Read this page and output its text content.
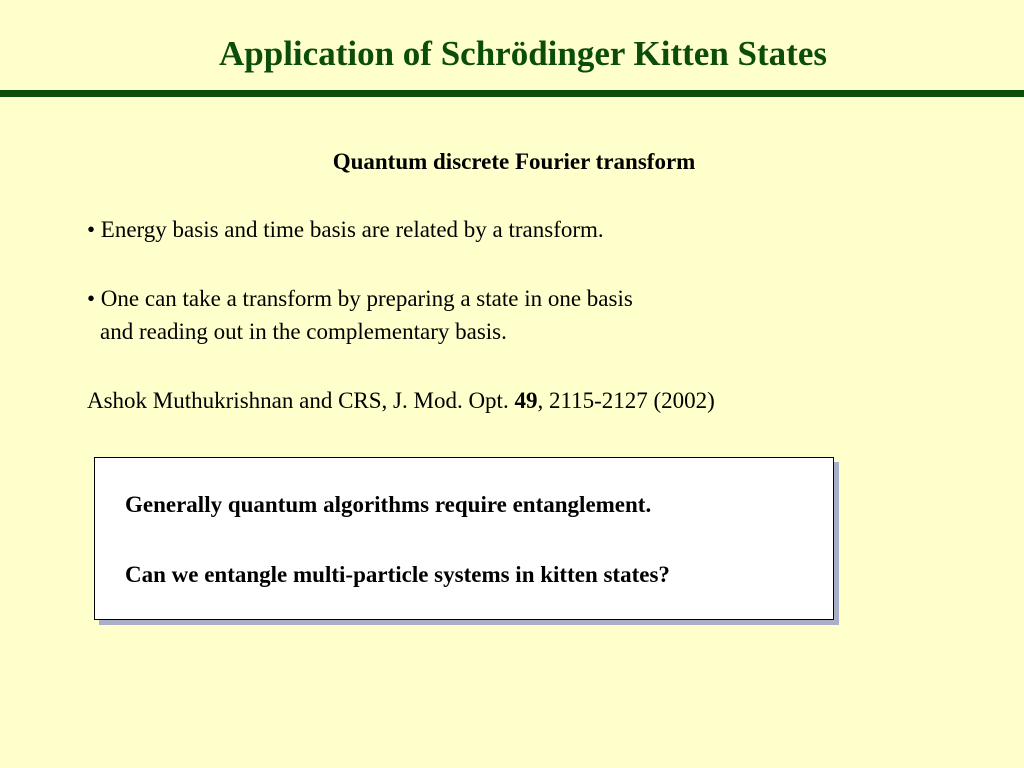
Application of Schrödinger Kitten States
Quantum discrete Fourier transform
• Energy basis and time basis are related by a transform.
• One can take a transform by preparing a state in one basis
and reading out in the complementary basis.
Ashok Muthukrishnan and CRS, J. Mod. Opt. 49, 2115-2127 (2002)
Generally quantum algorithms require entanglement.
Can we entangle multi-particle systems in kitten states?
